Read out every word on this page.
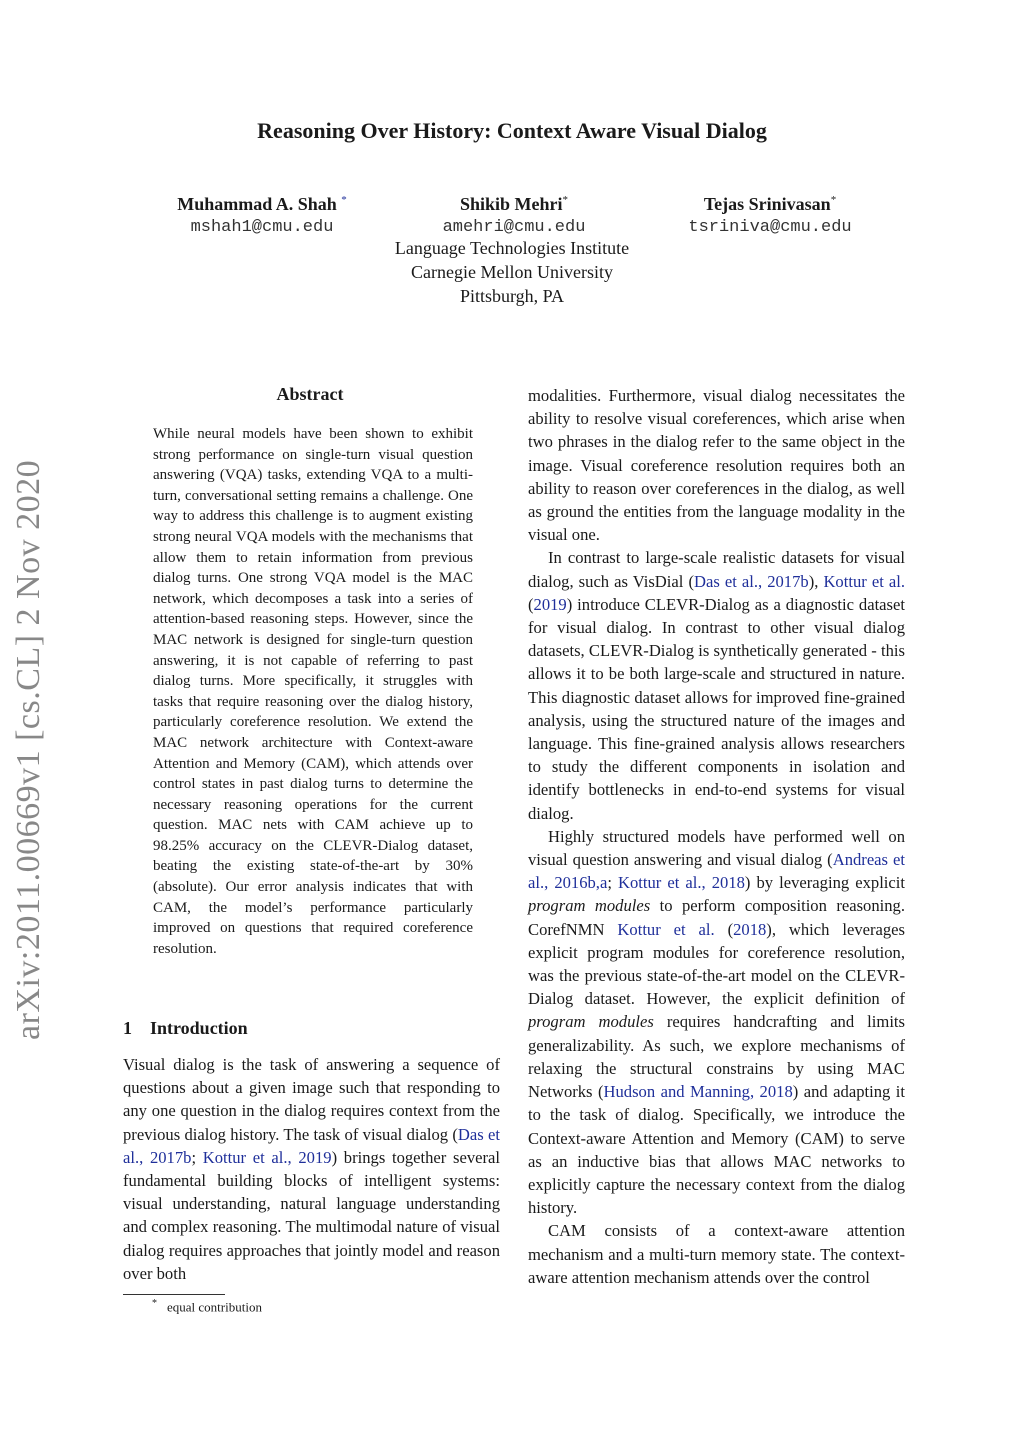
arXiv:2011.00669v1 [cs.CL] 2 Nov 2020
Reasoning Over History: Context Aware Visual Dialog
Muhammad A. Shah *
mshah1@cmu.edu
Shikib Mehri*
amehri@cmu.edu
Tejas Srinivasan*
tsriniva@cmu.edu
Language Technologies Institute
Carnegie Mellon University
Pittsburgh, PA
Abstract
While neural models have been shown to exhibit strong performance on single-turn visual question answering (VQA) tasks, extending VQA to a multi-turn, conversational setting remains a challenge. One way to address this challenge is to augment existing strong neural VQA models with the mechanisms that allow them to retain information from previous dialog turns. One strong VQA model is the MAC network, which decomposes a task into a series of attention-based reasoning steps. However, since the MAC network is designed for single-turn question answering, it is not capable of referring to past dialog turns. More specifically, it struggles with tasks that require reasoning over the dialog history, particularly coreference resolution. We extend the MAC network architecture with Context-aware Attention and Memory (CAM), which attends over control states in past dialog turns to determine the necessary reasoning operations for the current question. MAC nets with CAM achieve up to 98.25% accuracy on the CLEVR-Dialog dataset, beating the existing state-of-the-art by 30% (absolute). Our error analysis indicates that with CAM, the model’s performance particularly improved on questions that required coreference resolution.
1 Introduction
Visual dialog is the task of answering a sequence of questions about a given image such that responding to any one question in the dialog requires context from the previous dialog history. The task of visual dialog (Das et al., 2017b; Kottur et al., 2019) brings together several fundamental building blocks of intelligent systems: visual understanding, natural language understanding and complex reasoning. The multimodal nature of visual dialog requires approaches that jointly model and reason over both

modalities. Furthermore, visual dialog necessitates the ability to resolve visual coreferences, which arise when two phrases in the dialog refer to the same object in the image. Visual coreference resolution requires both an ability to reason over coreferences in the dialog, as well as ground the entities from the language modality in the visual one.

In contrast to large-scale realistic datasets for visual dialog, such as VisDial (Das et al., 2017b), Kottur et al. (2019) introduce CLEVR-Dialog as a diagnostic dataset for visual dialog. In contrast to other visual dialog datasets, CLEVR-Dialog is synthetically generated - this allows it to be both large-scale and structured in nature. This diagnostic dataset allows for improved fine-grained analysis, using the structured nature of the images and language. This fine-grained analysis allows researchers to study the different components in isolation and identify bottlenecks in end-to-end systems for visual dialog.

Highly structured models have performed well on visual question answering and visual dialog (Andreas et al., 2016b,a; Kottur et al., 2018) by leveraging explicit program modules to perform composition reasoning. CorefNMN Kottur et al. (2018), which leverages explicit program modules for coreference resolution, was the previous state-of-the-art model on the CLEVR-Dialog dataset. However, the explicit definition of program modules requires handcrafting and limits generalizability. As such, we explore mechanisms of relaxing the structural constrains by using MAC Networks (Hudson and Manning, 2018) and adapting it to the task of dialog. Specifically, we introduce the Context-aware Attention and Memory (CAM) to serve as an inductive bias that allows MAC networks to explicitly capture the necessary context from the dialog history.

CAM consists of a context-aware attention mechanism and a multi-turn memory state. The context-aware attention mechanism attends over the control

* equal contribution
